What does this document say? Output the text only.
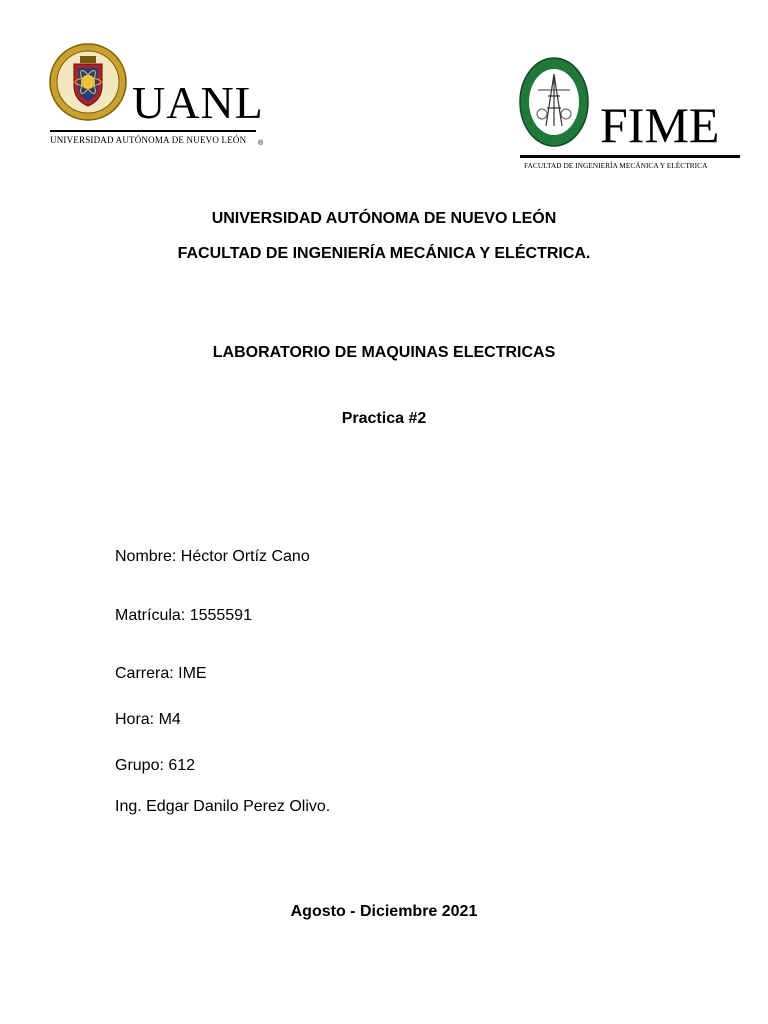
UANL
UNIVERSIDAD AUTÓNOMA DE NUEVO LEÓN ®	FIME
FACULTAD DE INGENIERÍA MECÁNICA Y ELÉCTRICA
UNIVERSIDAD AUTÓNOMA DE NUEVO LEÓN
FACULTAD DE INGENIERÍA MECÁNICA Y ELÉCTRICA.
LABORATORIO DE MAQUINAS ELECTRICAS
Practica #2
Nombre: Héctor Ortíz Cano
Matrícula: 1555591
Carrera: IME
Hora: M4
Grupo: 612
Ing. Edgar Danilo Perez Olivo.
Agosto - Diciembre 2021
